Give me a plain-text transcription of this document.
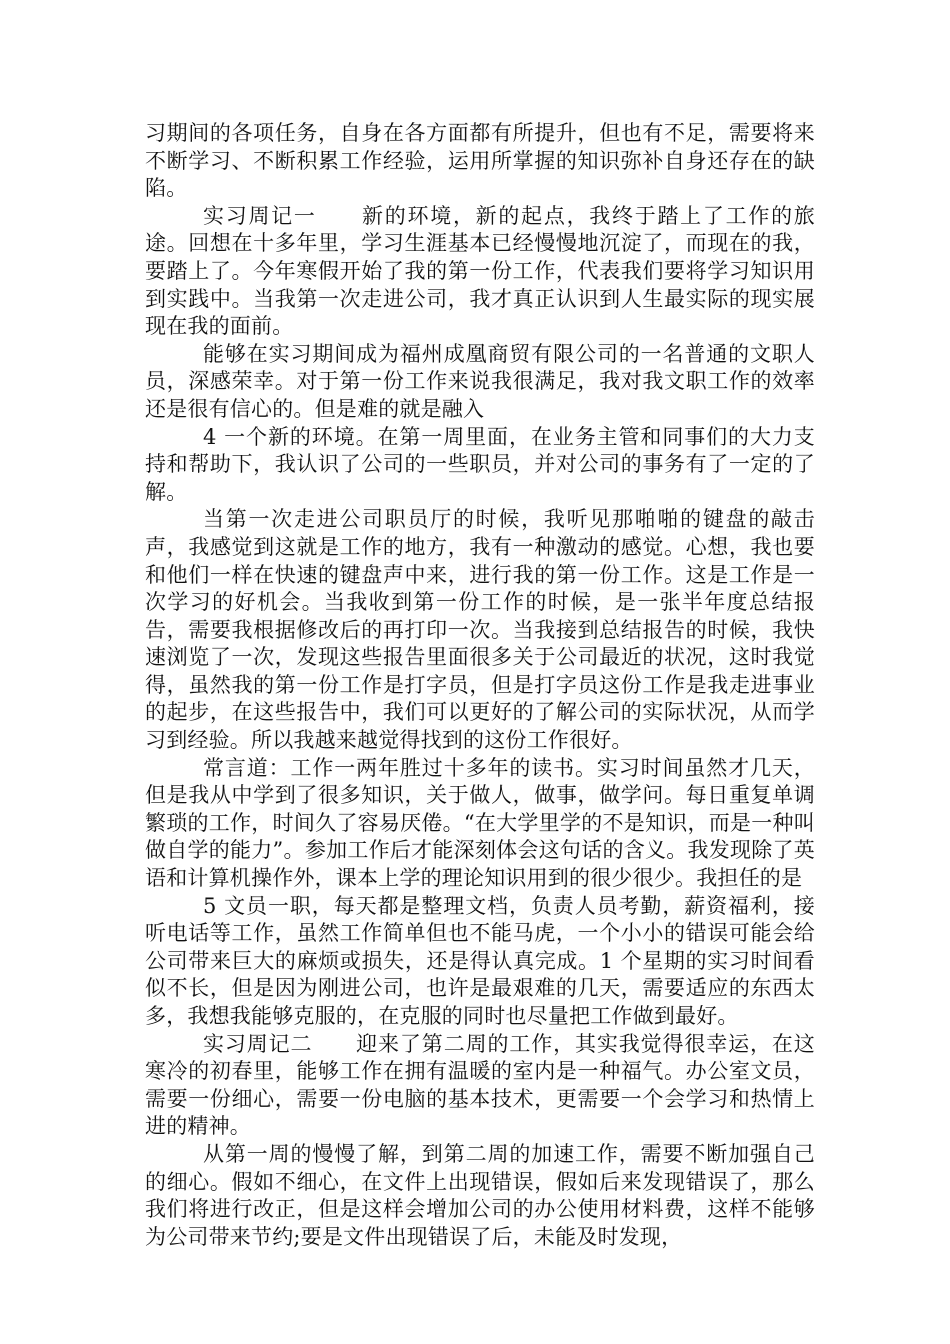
习期间的各项任务，自身在各方面都有所提升，但也有不足，需要将来不断学习、不断积累工作经验，运用所掌握的知识弥补自身还存在的缺陷。

实习周记一　　新的环境，新的起点，我终于踏上了工作的旅途。回想在十多年里，学习生涯基本已经慢慢地沉淀了，而现在的我，要踏上了。今年寒假开始了我的第一份工作，代表我们要将学习知识用到实践中。当我第一次走进公司，我才真正认识到人生最实际的现实展现在我的面前。

能够在实习期间成为福州成凰商贸有限公司的一名普通的文职人员，深感荣幸。对于第一份工作来说我很满足，我对我文职工作的效率还是很有信心的。但是难的就是融入

4 一个新的环境。在第一周里面，在业务主管和同事们的大力支持和帮助下，我认识了公司的一些职员，并对公司的事务有了一定的了解。

当第一次走进公司职员厅的时候，我听见那啪啪的键盘的敲击声，我感觉到这就是工作的地方，我有一种激动的感觉。心想，我也要和他们一样在快速的键盘声中来，进行我的第一份工作。这是工作是一次学习的好机会。当我收到第一份工作的时候，是一张半年度总结报告，需要我根据修改后的再打印一次。当我接到总结报告的时候，我快速浏览了一次，发现这些报告里面很多关于公司最近的状况，这时我觉得，虽然我的第一份工作是打字员，但是打字员这份工作是我走进事业的起步，在这些报告中，我们可以更好的了解公司的实际状况，从而学习到经验。所以我越来越觉得找到的这份工作很好。

常言道：工作一两年胜过十多年的读书。实习时间虽然才几天，但是我从中学到了很多知识，关于做人，做事，做学问。每日重复单调繁琐的工作，时间久了容易厌倦。“在大学里学的不是知识，而是一种叫做自学的能力”。参加工作后才能深刻体会这句话的含义。我发现除了英语和计算机操作外，课本上学的理论知识用到的很少很少。我担任的是

5 文员一职，每天都是整理文档，负责人员考勤，薪资福利，接听电话等工作，虽然工作简单但也不能马虎，一个小小的错误可能会给公司带来巨大的麻烦或损失，还是得认真完成。1 个星期的实习时间看似不长，但是因为刚进公司，也许是最艰难的几天，需要适应的东西太多，我想我能够克服的，在克服的同时也尽量把工作做到最好。

实习周记二　　迎来了第二周的工作，其实我觉得很幸运，在这寒冷的初春里，能够工作在拥有温暖的室内是一种福气。办公室文员，需要一份细心，需要一份电脑的基本技术，更需要一个会学习和热情上进的精神。

从第一周的慢慢了解，到第二周的加速工作，需要不断加强自己的细心。假如不细心，在文件上出现错误，假如后来发现错误了，那么我们将进行改正，但是这样会增加公司的办公使用材料费，这样不能够为公司带来节约;要是文件出现错误了后，未能及时发现，
